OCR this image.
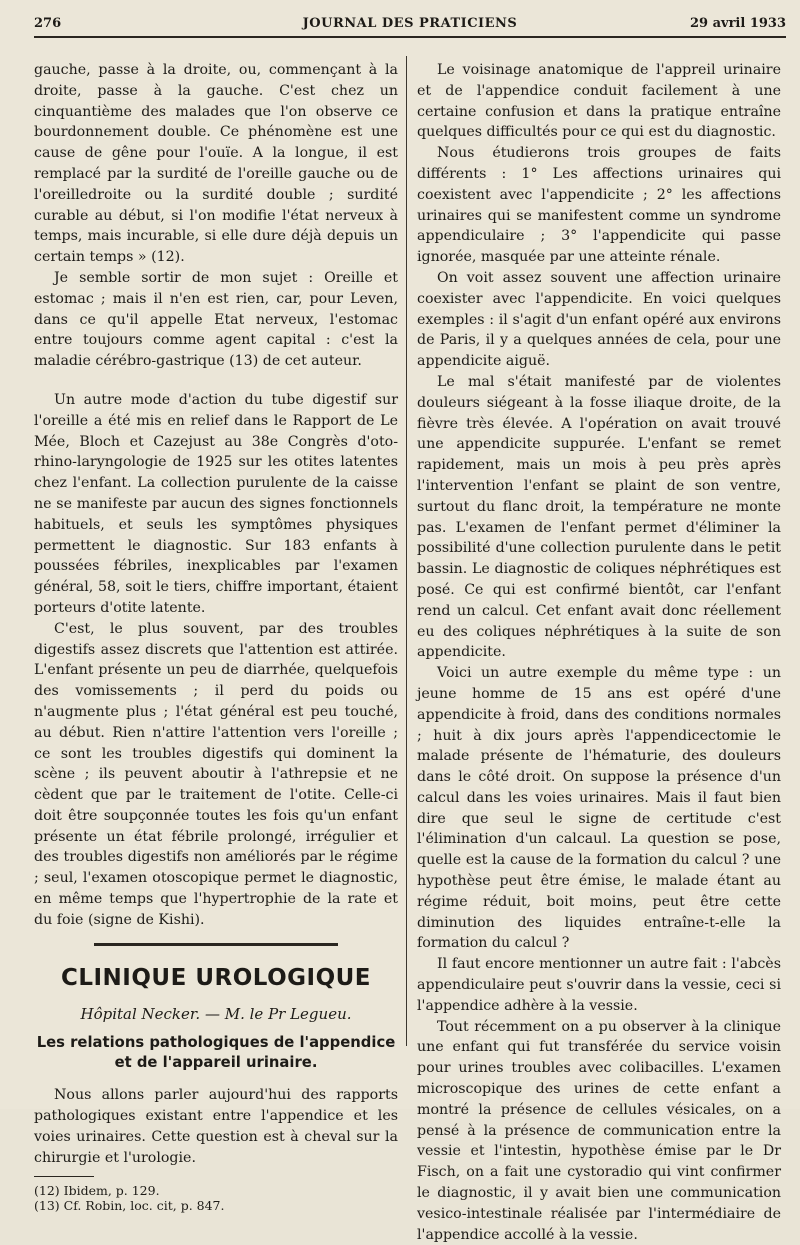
276	JOURNAL DES PRATICIENS	29 avril 1933

gauche, passe à la droite, ou, commençant à la droite, passe à la gauche. C'est chez un cinquantième des malades que l'on observe ce bourdonnement double. Ce phénomène est une cause de gêne pour l'ouïe. A la longue, il est remplacé par la surdité de l'oreille gauche ou de l'oreilledroite ou la surdité double ; surdité curable au début, si l'on modifie l'état nerveux à temps, mais incurable, si elle dure déjà depuis un certain temps » (12).

Je semble sortir de mon sujet : Oreille et estomac ; mais il n'en est rien, car, pour Leven, dans ce qu'il appelle Etat nerveux, l'estomac entre toujours comme agent capital : c'est la maladie cérébro-gastrique (13) de cet auteur.

Un autre mode d'action du tube digestif sur l'oreille a été mis en relief dans le Rapport de Le Mée, Bloch et Cazejust au 38e Congrès d'oto-rhino-laryngologie de 1925 sur les otites latentes chez l'enfant. La collection purulente de la caisse ne se manifeste par aucun des signes fonctionnels habituels, et seuls les symptômes physiques permettent le diagnostic. Sur 183 enfants à poussées fébriles, inexplicables par l'examen général, 58, soit le tiers, chiffre important, étaient porteurs d'otite latente.

C'est, le plus souvent, par des troubles digestifs assez discrets que l'attention est attirée. L'enfant présente un peu de diarrhée, quelquefois des vomissements ; il perd du poids ou n'augmente plus ; l'état général est peu touché, au début. Rien n'attire l'attention vers l'oreille ; ce sont les troubles digestifs qui dominent la scène ; ils peuvent aboutir à l'athrepsie et ne cèdent que par le traitement de l'otite. Celle-ci doit être soupçonnée toutes les fois qu'un enfant présente un état fébrile prolongé, irrégulier et des troubles digestifs non améliorés par le régime ; seul, l'examen otoscopique permet le diagnostic, en même temps que l'hypertrophie de la rate et du foie (signe de Kishi).

CLINIQUE UROLOGIQUE
Hôpital Necker. — M. le Pr Legueu.
Les relations pathologiques de l'appendice et de l'appareil urinaire.

Nous allons parler aujourd'hui des rapports pathologiques existant entre l'appendice et les voies urinaires. Cette question est à cheval sur la chirurgie et l'urologie.

(12) Ibidem, p. 129.
(13) Cf. Robin, loc. cit, p. 847.

Le voisinage anatomique de l'appreil urinaire et de l'appendice conduit facilement à une certaine confusion et dans la pratique entraîne quelques difficultés pour ce qui est du diagnostic.

Nous étudierons trois groupes de faits différents : 1° Les affections urinaires qui coexistent avec l'appendicite ; 2° les affections urinaires qui se manifestent comme un syndrome appendiculaire ; 3° l'appendicite qui passe ignorée, masquée par une atteinte rénale.

On voit assez souvent une affection urinaire coexister avec l'appendicite. En voici quelques exemples : il s'agit d'un enfant opéré aux environs de Paris, il y a quelques années de cela, pour une appendicite aiguë.

Le mal s'était manifesté par de violentes douleurs siégeant à la fosse iliaque droite, de la fièvre très élevée. A l'opération on avait trouvé une appendicite suppurée. L'enfant se remet rapidement, mais un mois à peu près après l'intervention l'enfant se plaint de son ventre, surtout du flanc droit, la température ne monte pas. L'examen de l'enfant permet d'éliminer la possibilité d'une collection purulente dans le petit bassin. Le diagnostic de coliques néphrétiques est posé. Ce qui est confirmé bientôt, car l'enfant rend un calcul. Cet enfant avait donc réellement eu des coliques néphrétiques à la suite de son appendicite.

Voici un autre exemple du même type : un jeune homme de 15 ans est opéré d'une appendicite à froid, dans des conditions normales ; huit à dix jours après l'appendicectomie le malade présente de l'hématurie, des douleurs dans le côté droit. On suppose la présence d'un calcul dans les voies urinaires. Mais il faut bien dire que seul le signe de certitude c'est l'élimination d'un calcaul. La question se pose, quelle est la cause de la formation du calcul ? une hypothèse peut être émise, le malade étant au régime réduit, boit moins, peut être cette diminution des liquides entraîne-t-elle la formation du calcul ?

Il faut encore mentionner un autre fait : l'abcès appendiculaire peut s'ouvrir dans la vessie, ceci si l'appendice adhère à la vessie.

Tout récemment on a pu observer à la clinique une enfant qui fut transférée du service voisin pour urines troubles avec colibacilles. L'examen microscopique des urines de cette enfant a montré la présence de cellules vésicales, on a pensé à la présence de communication entre la vessie et l'intestin, hypothèse émise par le Dr Fisch, on a fait une cystoradio qui vint confirmer le diagnostic, il y avait bien une communication vesico-intestinale réalisée par l'intermédiaire de l'appendice accollé à la vessie.
